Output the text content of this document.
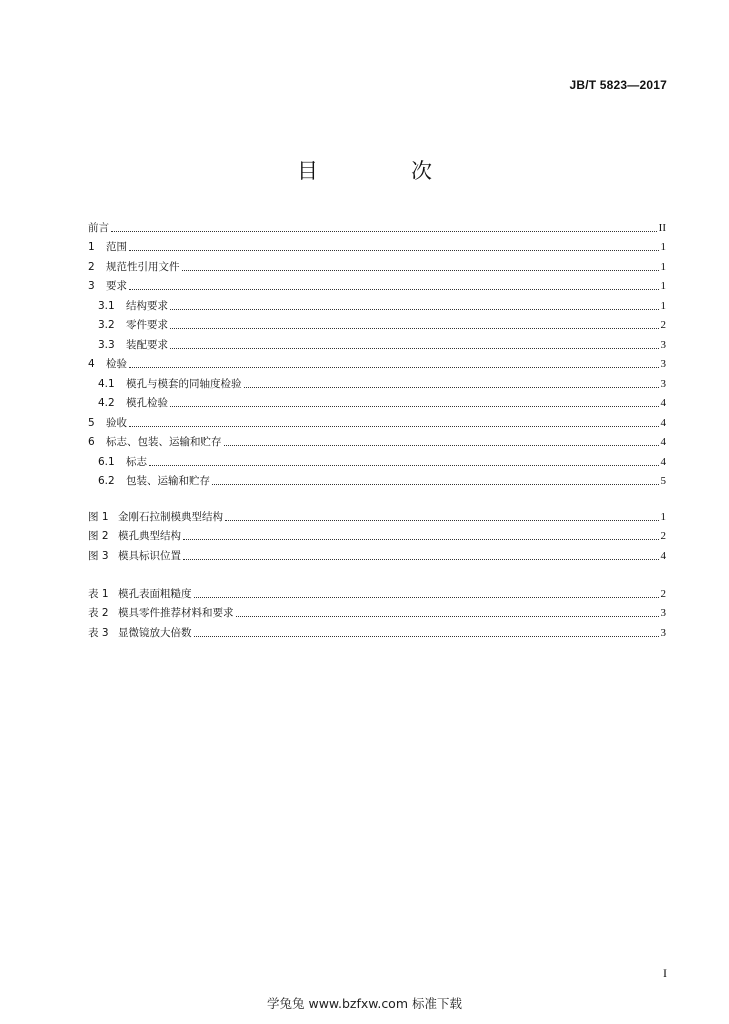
JB/T 5823—2017
目　次
前言	II
1	范围	1
2	规范性引用文件	1
3	要求	1
3.1	结构要求	1
3.2	零件要求	2
3.3	装配要求	3
4	检验	3
4.1	模孔与模套的同轴度检验	3
4.2	模孔检验	4
5	验收	4
6	标志、包装、运输和贮存	4
6.1	标志	4
6.2	包装、运输和贮存	5
图 1 金刚石拉制模典型结构	1
图 2 模孔典型结构	2
图 3 模具标识位置	4
表 1 模孔表面粗糙度	2
表 2 模具零件推荐材料和要求	3
表 3 显微镜放大倍数	3
I
学兔兔 www.bzfxw.com 标准下载
